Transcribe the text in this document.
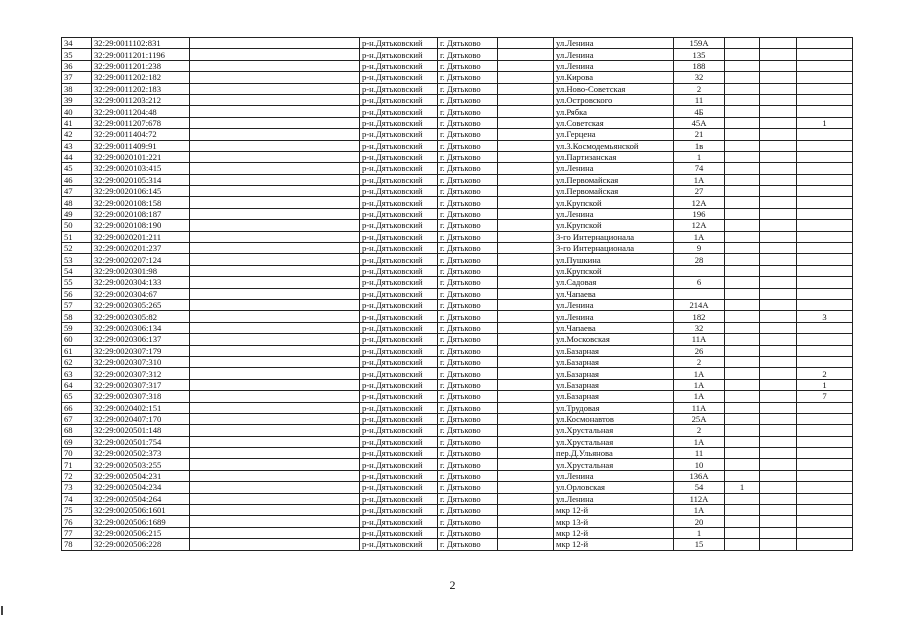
34	32:29:0011102:831		р-н.Дятьковский	г. Дятьково		ул.Ленина	159А			
35	32:29:0011201:1196		р-н.Дятьковский	г. Дятьково		ул.Ленина	135			
36	32:29:0011201:238		р-н.Дятьковский	г. Дятьково		ул.Ленина	188			
37	32:29:0011202:182		р-н.Дятьковский	г. Дятьково		ул.Кирова	32			
38	32:29:0011202:183		р-н.Дятьковский	г. Дятьково		ул.Ново-Советская	2			
39	32:29:0011203:212		р-н.Дятьковский	г. Дятьково		ул.Островского	11			
40	32:29:0011204:48		р-н.Дятьковский	г. Дятьково		ул.Рябка	4Б			
41	32:29:0011207:678		р-н.Дятьковский	г. Дятьково		ул.Советская	45А			1
42	32:29:0011404:72		р-н.Дятьковский	г. Дятьково		ул.Герцена	21			
43	32:29:0011409:91		р-н.Дятьковский	г. Дятьково		ул.3.Космодемьянской	1в			
44	32:29:0020101:221		р-н.Дятьковский	г. Дятьково		ул.Партизанская	1			
45	32:29:0020103:415		р-н.Дятьковский	г. Дятьково		ул.Ленина	74			
46	32:29:0020105:314		р-н.Дятьковский	г. Дятьково		ул.Первомайская	1А			
47	32:29:0020106:145		р-н.Дятьковский	г. Дятьково		ул.Первомайская	27			
48	32:29:0020108:158		р-н.Дятьковский	г. Дятьково		ул.Крупской	12А			
49	32:29:0020108:187		р-н.Дятьковский	г. Дятьково		ул.Ленина	196			
50	32:29:0020108:190		р-н.Дятьковский	г. Дятьково		ул.Крупской	12А			
51	32:29:0020201:211		р-н.Дятьковский	г. Дятьково		3-го Интернационала	1А			
52	32:29:0020201:237		р-н.Дятьковский	г. Дятьково		3-го Интернационала	9			
53	32:29:0020207:124		р-н.Дятьковский	г. Дятьково		ул.Пушкина	28			
54	32:29:0020301:98		р-н.Дятьковский	г. Дятьково		ул.Крупской				
55	32:29:0020304:133		р-н.Дятьковский	г. Дятьково		ул.Садовая	6			
56	32:29:0020304:67		р-н.Дятьковский	г. Дятьково		ул.Чапаева				
57	32:29:0020305:265		р-н.Дятьковский	г. Дятьково		ул.Ленина	214А			
58	32:29:0020305:82		р-н.Дятьковский	г. Дятьково		ул.Ленина	182			3
59	32:29:0020306:134		р-н.Дятьковский	г. Дятьково		ул.Чапаева	32			
60	32:29:0020306:137		р-н.Дятьковский	г. Дятьково		ул.Московская	11А			
61	32:29:0020307:179		р-н.Дятьковский	г. Дятьково		ул.Базарная	26			
62	32:29:0020307:310		р-н.Дятьковский	г. Дятьково		ул.Базарная	2			
63	32:29:0020307:312		р-н.Дятьковский	г. Дятьково		ул.Базарная	1А			2
64	32:29:0020307:317		р-н.Дятьковский	г. Дятьково		ул.Базарная	1А			1
65	32:29:0020307:318		р-н.Дятьковский	г. Дятьково		ул.Базарная	1А			7
66	32:29:0020402:151		р-н.Дятьковский	г. Дятьково		ул.Трудовая	11А			
67	32:29:0020407:170		р-н.Дятьковский	г. Дятьково		ул.Космонавтов	25А			
68	32:29:0020501:148		р-н.Дятьковский	г. Дятьково		ул.Хрустальная	2			
69	32:29:0020501:754		р-н.Дятьковский	г. Дятьково		ул.Хрустальная	1А			
70	32:29:0020502:373		р-н.Дятьковский	г. Дятьково		пер.Д.Ульянова	11			
71	32:29:0020503:255		р-н.Дятьковский	г. Дятьково		ул.Хрустальная	10			
72	32:29:0020504:231		р-н.Дятьковский	г. Дятьково		ул.Ленина	136А			
73	32:29:0020504:234		р-н.Дятьковский	г. Дятьково		ул.Орловская	54	1		
74	32:29:0020504:264		р-н.Дятьковский	г. Дятьково		ул.Ленина	112А			
75	32:29:0020506:1601		р-н.Дятьковский	г. Дятьково		мкр 12-й	1А			
76	32:29:0020506:1689		р-н.Дятьковский	г. Дятьково		мкр 13-й	20			
77	32:29:0020506:215		р-н.Дятьковский	г. Дятьково		мкр 12-й	1			
78	32:29:0020506:228		р-н.Дятьковский	г. Дятьково		мкр 12-й	15			
2
